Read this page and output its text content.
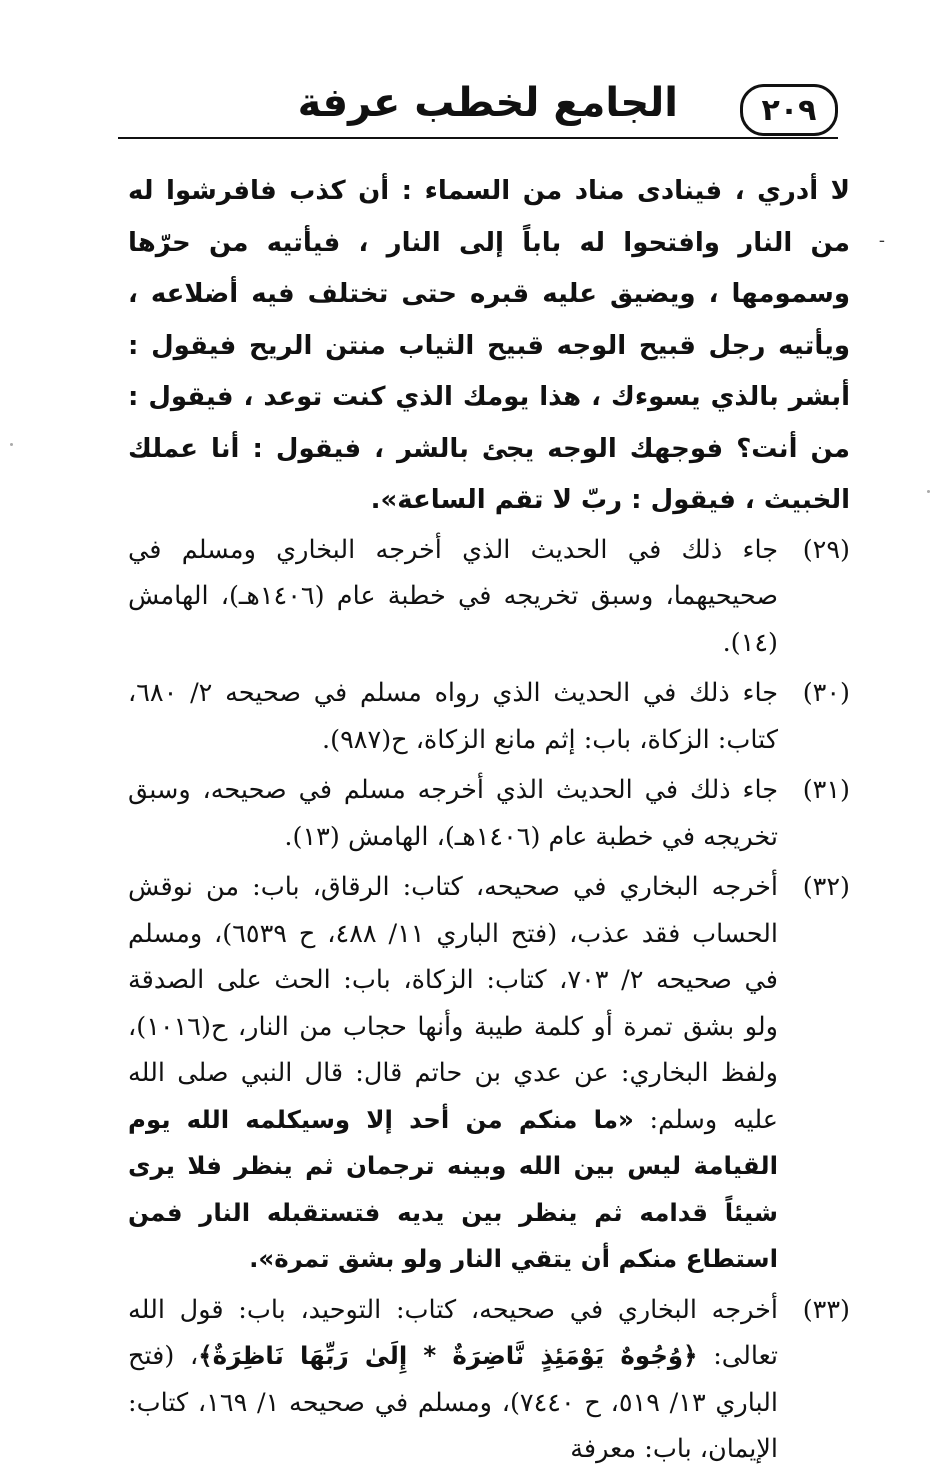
٢٠٩
الجامع لخطب عرفة
-

لا أدري ، فينادى مناد من السماء : أن كذب فافرشوا له من النار وافتحوا له باباً إلى النار ، فيأتيه من حرّها وسمومها ، ويضيق عليه قبره حتى تختلف فيه أضلاعه ، ويأتيه رجل قبيح الوجه قبيح الثياب منتن الريح فيقول : أبشر بالذي يسوءك ، هذا يومك الذي كنت توعد ، فيقول : من أنت؟ فوجهك الوجه يجئ بالشر ، فيقول : أنا عملك الخبيث ، فيقول : ربّ لا تقم الساعة».

(٢٩)
جاء ذلك في الحديث الذي أخرجه البخاري ومسلم في صحيحيهما، وسبق تخريجه في خطبة عام (١٤٠٦هـ)، الهامش (١٤).

(٣٠)
جاء ذلك في الحديث الذي رواه مسلم في صحيحه ٢/ ٦٨٠، كتاب: الزكاة، باب: إثم مانع الزكاة، ح(٩٨٧).

(٣١)
جاء ذلك في الحديث الذي أخرجه مسلم في صحيحه، وسبق تخريجه في خطبة عام (١٤٠٦هـ)، الهامش (١٣).

(٣٢)
أخرجه البخاري في صحيحه، كتاب: الرقاق، باب: من نوقش الحساب فقد عذب، (فتح الباري ١١/ ٤٨٨، ح ٦٥٣٩)، ومسلم في صحيحه ٢/ ٧٠٣، كتاب: الزكاة، باب: الحث على الصدقة ولو بشق تمرة أو كلمة طيبة وأنها حجاب من النار، ح(١٠١٦)، ولفظ البخاري: عن عدي بن حاتم قال: قال النبي صلى الله عليه وسلم: «ما منكم من أحد إلا وسيكلمه الله يوم القيامة ليس بين الله وبينه ترجمان ثم ينظر فلا يرى شيئاً قدامه ثم ينظر بين يديه فتستقبله النار فمن استطاع منكم أن يتقي النار ولو بشق تمرة».

(٣٣)
أخرجه البخاري في صحيحه، كتاب: التوحيد، باب: قول الله تعالى: ﴿وُجُوهٌ يَوْمَئِذٍ نَّاضِرَةٌ * إِلَىٰ رَبِّهَا نَاظِرَةٌ﴾، (فتح الباري ١٣/ ٥١٩، ح ٧٤٤٠)، ومسلم في صحيحه ١/ ١٦٩، كتاب: الإيمان، باب: معرفة
